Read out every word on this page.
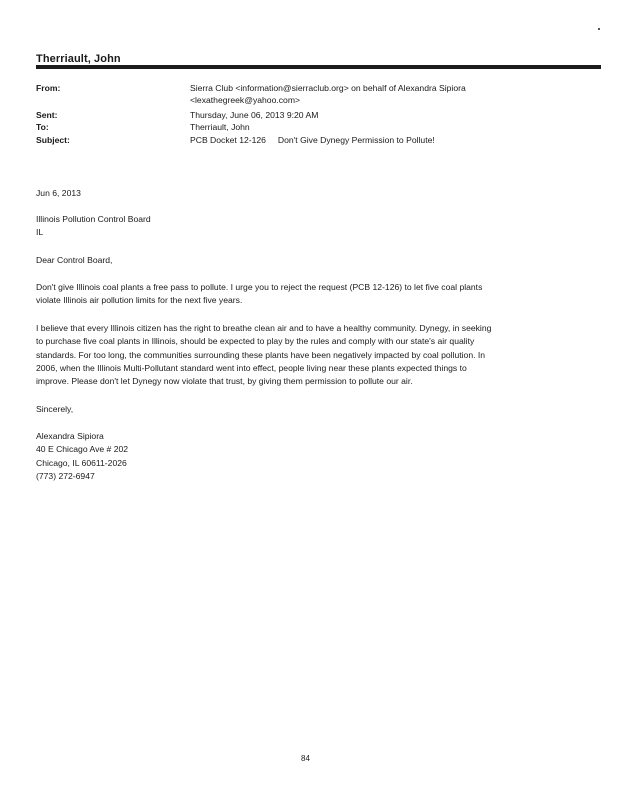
Therriault, John
From:	Sierra Club <information@sierraclub.org> on behalf of Alexandra Sipiora
<lexathegreek@yahoo.com>
Sent:	Thursday, June 06, 2013 9:20 AM
To:	Therriault, John
Subject:	PCB Docket 12-126     Don't Give Dynegy Permission to Pollute!
Jun 6, 2013
Illinois Pollution Control Board
IL
Dear Control Board,
Don't give Illinois coal plants a free pass to pollute. I urge you to reject the request (PCB 12-126) to let five coal plants
violate Illinois air pollution limits for the next five years.
I believe that every Illinois citizen has the right to breathe clean air and to have a healthy community. Dynegy, in seeking
to purchase five coal plants in Illinois, should be expected to play by the rules and comply with our state's air quality
standards. For too long, the communities surrounding these plants have been negatively impacted by coal pollution. In
2006, when the Illinois Multi-Pollutant standard went into effect, people living near these plants expected things to
improve. Please don't let Dynegy now violate that trust, by giving them permission to pollute our air.
Sincerely,
Alexandra Sipiora
40 E Chicago Ave # 202
Chicago, IL 60611-2026
(773) 272-6947
84
